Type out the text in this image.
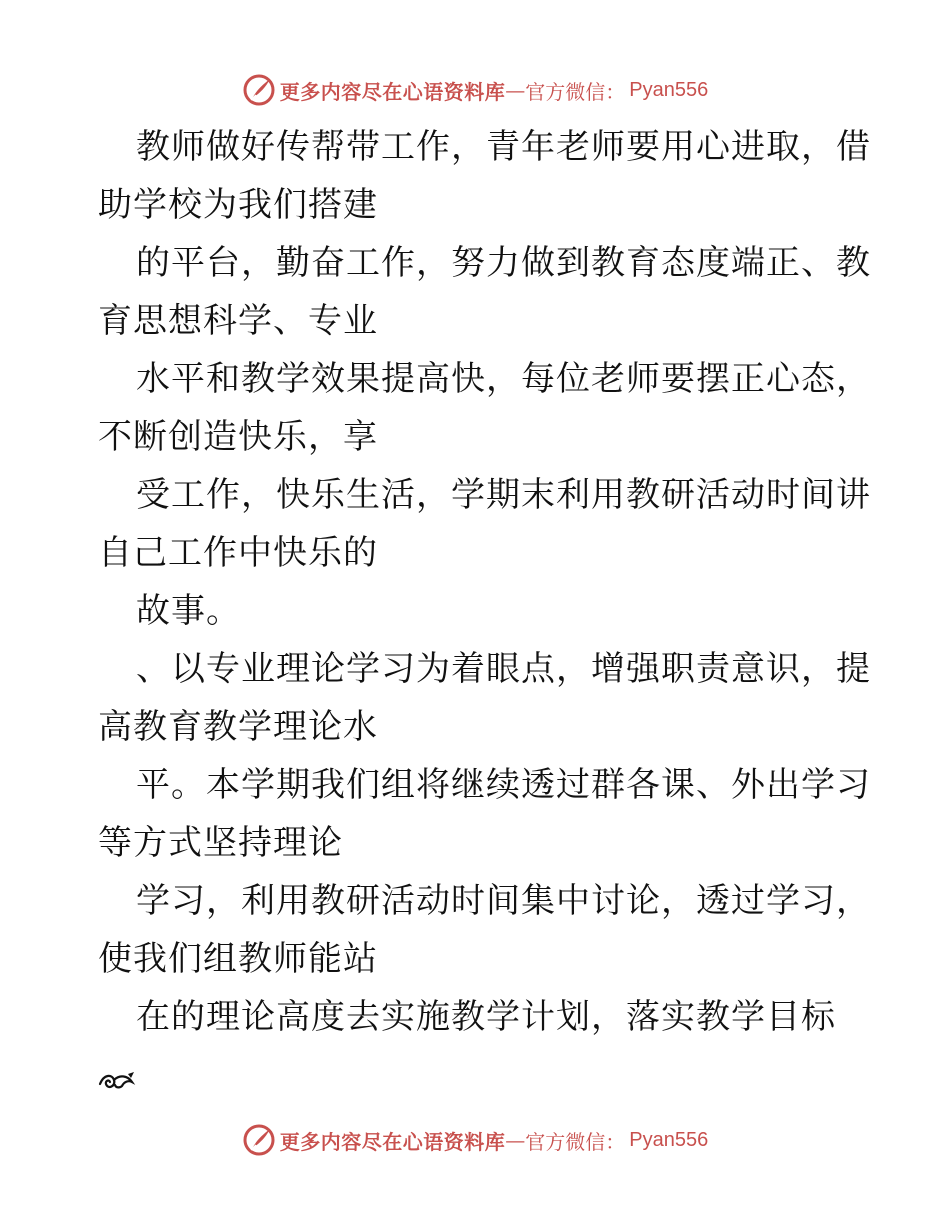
更多内容尽在心语资料库 — 官方微信： Pyan556
教师做好传帮带工作，青年老师要用心进取，借
助学校为我们搭建
的平台，勤奋工作，努力做到教育态度端正、教
育思想科学、专业
水平和教学效果提高快，每位老师要摆正心态，
不断创造快乐，享
受工作，快乐生活，学期末利用教研活动时间讲
自己工作中快乐的
故事。
、以专业理论学习为着眼点，增强职责意识，提
高教育教学理论水
平。本学期我们组将继续透过群各课、外出学习
等方式坚持理论
学习，利用教研活动时间集中讨论，透过学习，
使我们组教师能站
在的理论高度去实施教学计划，落实教学目标
更多内容尽在心语资料库 — 官方微信： Pyan556
